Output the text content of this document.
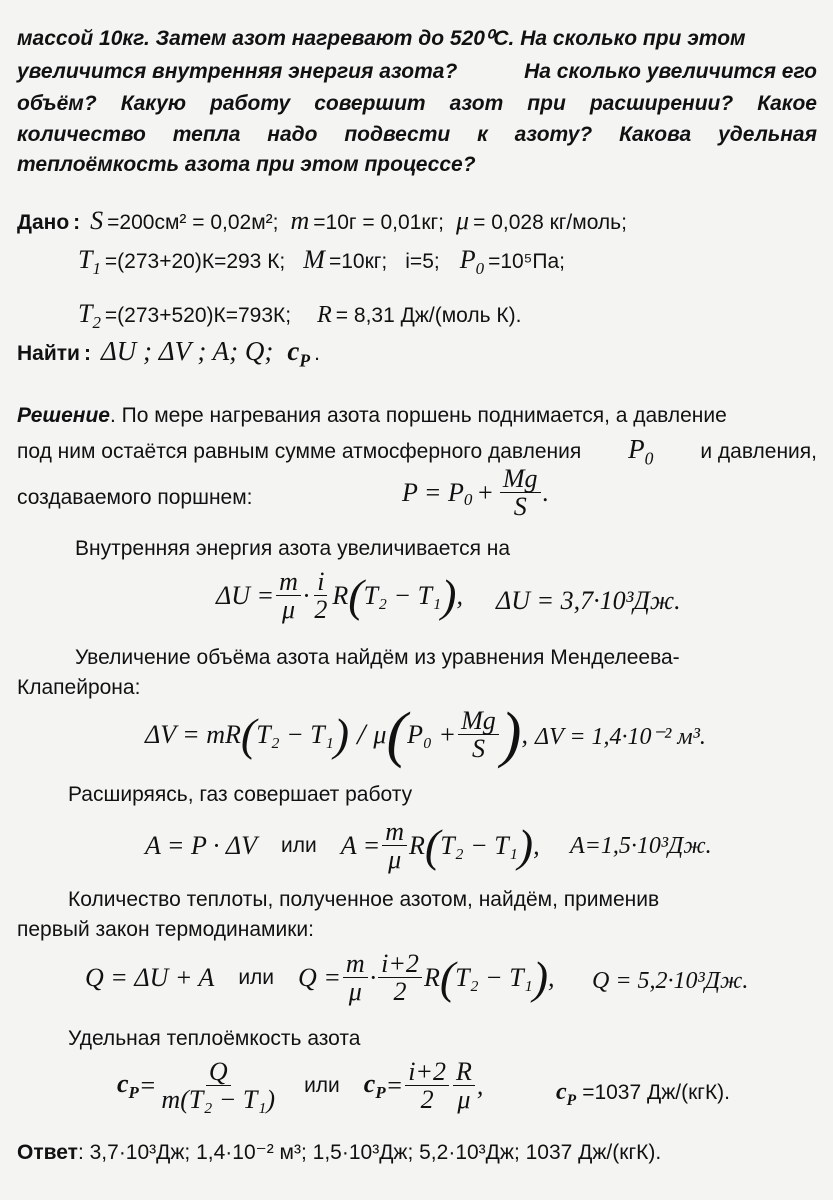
массой 10кг. Затем азот нагревают до 520⁰С. На сколько при этом
увеличится внутренняя энергия азота?	На сколько увеличится его
объём? Какую работу совершит азот при расширении? Какое
количество тепла надо подвести к азоту? Какова удельная
теплоёмкость азота при этом процессе?
Дано : S =200см² = 0,02м²; m =10г = 0,01кг; μ = 0,028 кг/моль;
$T_1 =(273+20)К=293$ К; M =10кг; i=5; $P_0 =10^5Па$;
$T_2 =(273+520)К=793К$; R = 8,31 Дж/(моль К).
Найти : ΔU ; ΔV ; A; Q; $c_P$ .
Решение. По мере нагревания азота поршень поднимается, а давление
под ним остаётся равным сумме атмосферного давления $P_0$ и давления,
создаваемого поршнем:	$P = P_0 + \frac{Mg}{S}$ .
Внутренняя энергия азота увеличивается на
$\Delta U = \frac{m}{\mu} \cdot \frac{i}{2}$ R ( T₂ − T₁ ) , ΔU = 3,7·10³Дж.
Увеличение объёма азота найдём из уравнения Менделеева-
Клапейрона:
ΔV = mR ( T₂ − T₁ ) / μ ( $P_0 + \frac{Mg}{S}$ ) , ΔV = 1,4·10⁻² м³.
Расширяясь, газ совершает работу
A = P · ΔV или $A = \frac{m}{\mu}$ R ( T₂ − T₁ ) , A=1,5·10³Дж.
Количество теплоты, полученное азотом, найдём, применив
первый закон термодинамики:
Q = ΔU + A или $Q = \frac{m}{\mu} \cdot \frac{i+2}{2}$ R ( T₂ − T₁ ) , Q = 5,2·10³Дж.
Удельная теплоёмкость азота
$c_P = \frac{Q}{\text{m(T₂ − T₁)}}$ или $c_P = \frac{i+2}{2} \frac{R}{\mu}$ ,	$c_P =1037$ Дж/(кгК).
Ответ: 3,7·10³Дж; 1,4·10⁻² м³; 1,5·10³Дж; 5,2·10³Дж; 1037 Дж/(кгК).
